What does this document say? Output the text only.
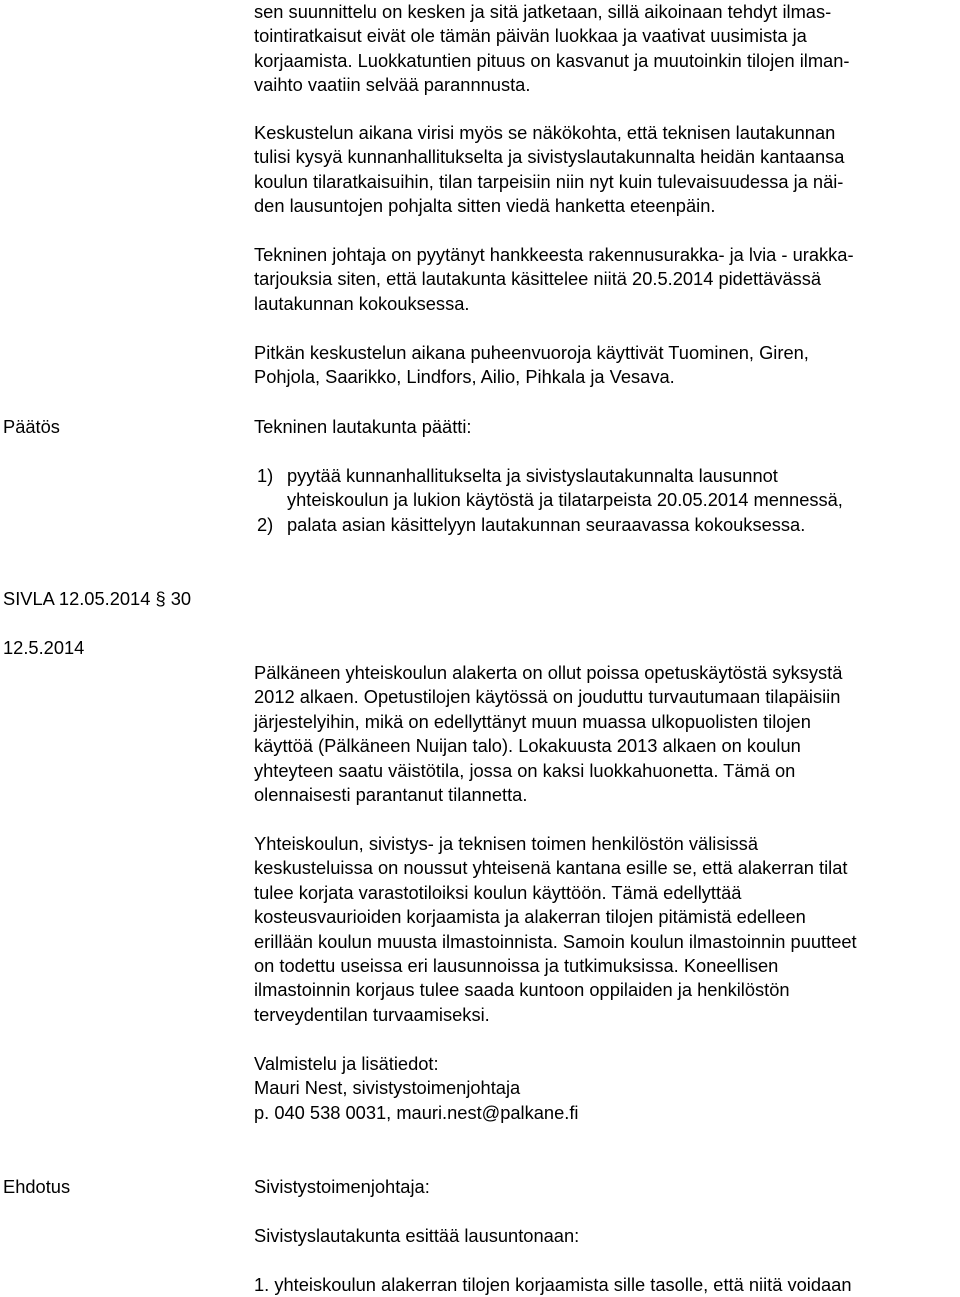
sen suunnittelu on kesken ja sitä jatketaan, sillä aikoinaan tehdyt ilmas-
tointiratkaisut eivät ole tämän päivän luokkaa ja vaativat uusimista ja
korjaamista. Luokkatuntien pituus on kasvanut ja muutoinkin tilojen ilman-
vaihto vaatiin selvää parannnusta.
Keskustelun aikana virisi myös se näkökohta, että teknisen lautakunnan
tulisi kysyä kunnanhallitukselta ja sivistyslautakunnalta heidän kantaansa
koulun tilaratkaisuihin, tilan tarpeisiin niin nyt kuin tulevaisuudessa ja näi-
den lausuntojen pohjalta sitten viedä hanketta eteenpäin.
Tekninen johtaja on pyytänyt hankkeesta rakennusurakka- ja lvia - urakka-
tarjouksia siten, että lautakunta käsittelee niitä 20.5.2014 pidettävässä
lautakunnan kokouksessa.
Pitkän keskustelun aikana puheenvuoroja käyttivät Tuominen, Giren,
Pohjola, Saarikko, Lindfors, Ailio, Pihkala ja Vesava.
Päätös	Tekninen lautakunta päätti:
1) pyytää kunnanhallitukselta ja sivistyslautakunnalta lausunnot
yhteiskoulun ja lukion käytöstä ja tilatarpeista 20.05.2014 mennessä,
2) palata asian käsittelyyn lautakunnan seuraavassa kokouksessa.
SIVLA 12.05.2014 § 30
12.5.2014
Pälkäneen yhteiskoulun alakerta on ollut poissa opetuskäytöstä syksystä
2012 alkaen. Opetustilojen käytössä on jouduttu turvautumaan tilapäisiin
järjestelyihin, mikä on edellyttänyt muun muassa ulkopuolisten tilojen
käyttöä (Pälkäneen Nuijan talo). Lokakuusta 2013 alkaen on koulun
yhteyteen saatu väistötila, jossa on kaksi luokkahuonetta. Tämä on
olennaisesti parantanut tilannetta.
Yhteiskoulun, sivistys- ja teknisen toimen henkilöstön välisissä
keskusteluissa on noussut yhteisenä kantana esille se, että alakerran tilat
tulee korjata varastotiloiksi koulun käyttöön. Tämä edellyttää
kosteusvaurioiden korjaamista ja alakerran tilojen pitämistä edelleen
erillään koulun muusta ilmastoinnista. Samoin koulun ilmastoinnin puutteet
on todettu useissa eri lausunnoissa ja tutkimuksissa. Koneellisen
ilmastoinnin korjaus tulee saada kuntoon oppilaiden ja henkilöstön
terveydentilan turvaamiseksi.
Valmistelu ja lisätiedot:
Mauri Nest, sivistystoimenjohtaja
p. 040 538 0031, mauri.nest@palkane.fi
Ehdotus	Sivistystoimenjohtaja:
Sivistyslautakunta esittää lausuntonaan:
1. yhteiskoulun alakerran tilojen korjaamista sille tasolle, että niitä voidaan
